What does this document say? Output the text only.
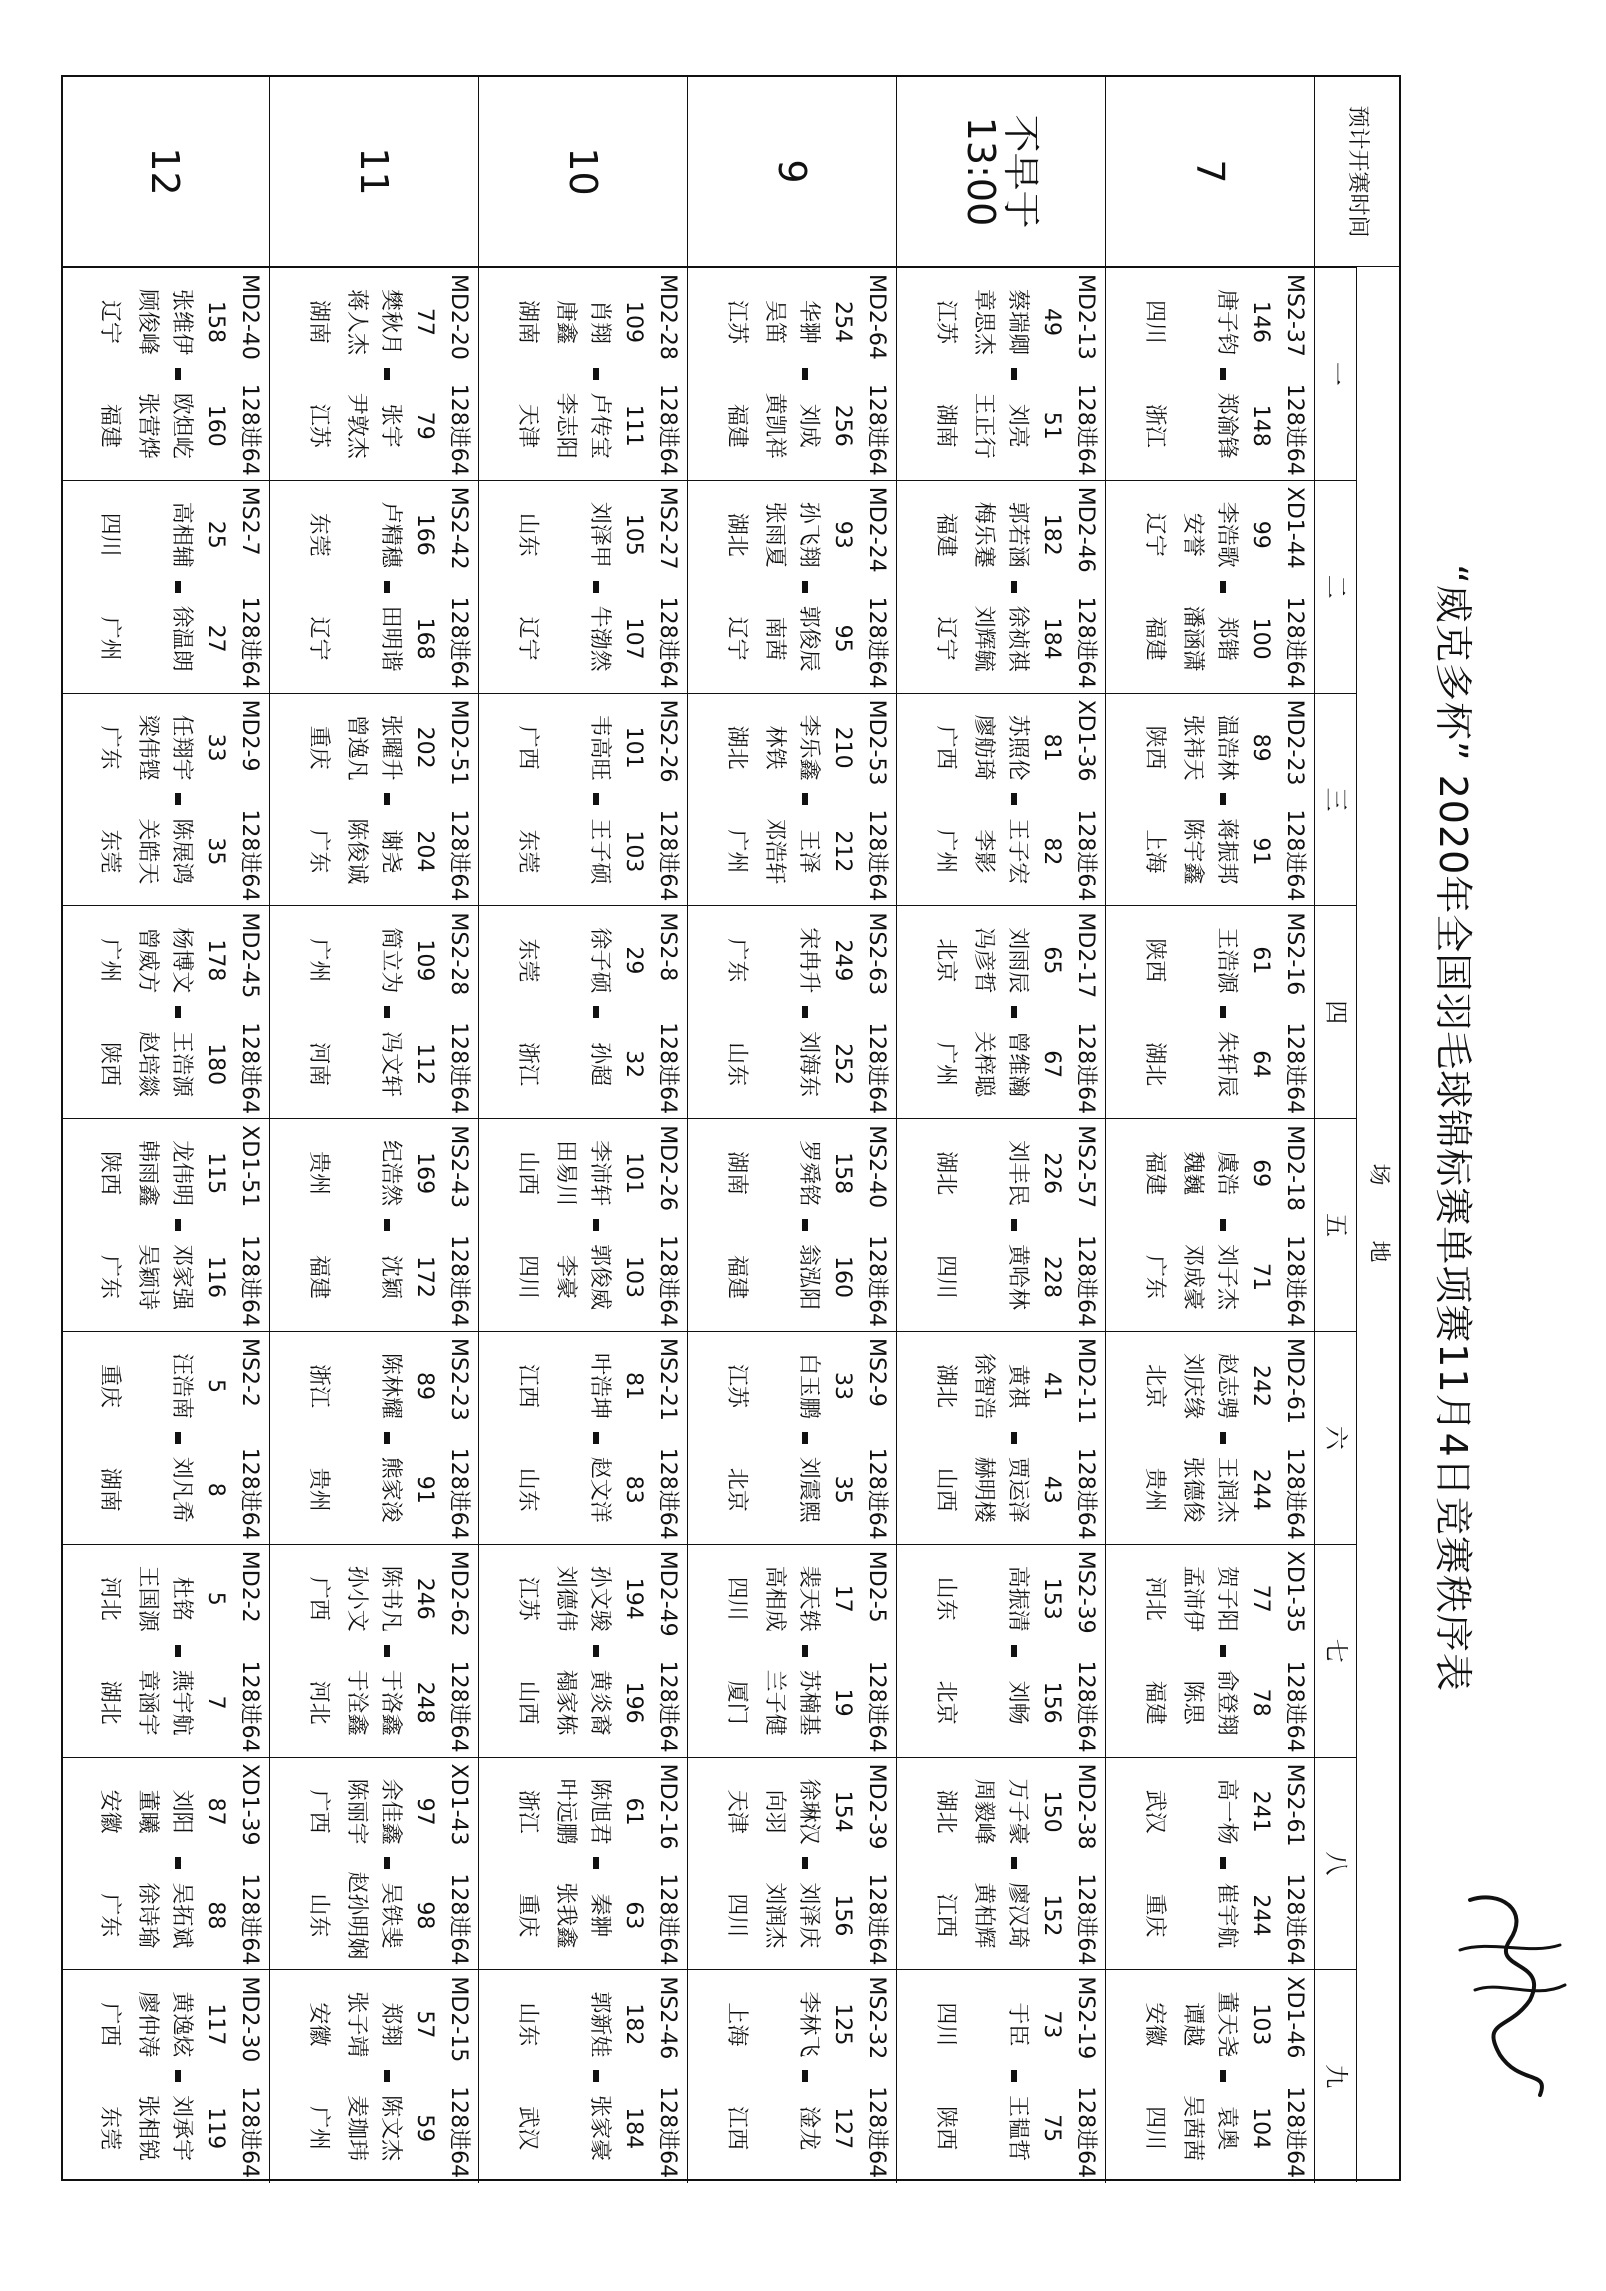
“威克多杯” 2020年全国羽毛球锦标赛单项赛11月4日竞赛秩序表
预计开赛时间
场 地
一
二
三
四
五
六
七
八
九
7
MS2-37
128进64
146
148
唐子钧
郑渝锋
四川
浙江
XD1-44
128进64
99
100
李浩歌
郑锴
安誉
潘涵潇
辽宁
福建
MD2-23
128进64
89
91
温浩林
蒋振邦
张祎天
陈宇鑫
陕西
上海
MS2-16
128进64
61
64
王浩源
朱轩辰
陕西
湖北
MD2-18
128进64
69
71
虞浩
刘子杰
魏巍
邓成豪
福建
广东
MD2-61
128进64
242
244
赵志骋
王润杰
刘庆缘
张德俊
北京
贵州
XD1-35
128进64
77
78
贺子阳
俞登翔
孟沛伊
陈思
河北
福建
MS2-61
128进64
241
244
高一杨
崔宇航
武汉
重庆
XD1-46
128进64
103
104
董天尧
袁奥
谭越
吴茜茜
安徽
四川
不早于 13:00
MD2-13
128进64
49
51
蔡瑞卿
刘亮
章思杰
王正行
江苏
湖南
MD2-46
128进64
182
184
郭若涵
徐祯祺
梅乐蹇
刘辉毓
福建
辽宁
XD1-36
128进64
81
82
苏照伦
王子宏
廖舫琦
李影
广西
广州
MD2-17
128进64
65
67
刘雨辰
曾维瀚
冯彦哲
关梓聪
北京
广州
MS2-57
128进64
226
228
刘丰民
黄哈林
湖北
四川
MD2-11
128进64
41
43
黄祺
贾运泽
徐智浩
赫明楼
湖北
山西
MS2-39
128进64
153
156
高振清
刘畅
山东
北京
MD2-38
128进64
150
152
万子豪
廖汉琦
周毅峰
黄柏辉
湖北
江西
MS2-19
128进64
73
75
于臣
王韫哲
四川
陕西
9
MD2-64
128进64
254
256
华翀
刘成
吴笛
黄凯祥
江苏
福建
MD2-24
128进64
93
95
孙飞翔
郭俊辰
张雨夏
南茜
湖北
辽宁
MD2-53
128进64
210
212
李乐鑫
王泽
林铁
邓浩轩
湖北
广州
MS2-63
128进64
249
252
宋冉升
刘海东
广东
山东
MS2-40
128进64
158
160
罗舜铭
翁泓阳
湖南
福建
MS2-9
128进64
33
35
白玉鹏
刘震熙
江苏
北京
MD2-5
128进64
17
19
裴天轶
苏楠基
高相成
兰子健
四川
厦门
MD2-39
128进64
154
156
徐琳汉
刘泽庆
向羽
刘润杰
天津
四川
MS2-32
128进64
125
127
李林飞
淦龙
上海
江西
10
MD2-28
128进64
109
111
肖翔
卢传宝
唐鑫
李志阳
湖南
天津
MS2-27
128进64
105
107
刘泽甲
牛渤然
山东
辽宁
MS2-26
128进64
101
103
韦高旺
王子硕
广西
东莞
MS2-8
128进64
29
32
徐子硕
孙超
东莞
浙江
MD2-26
128进64
101
103
李沛轩
郭俊威
田易川
李豪
山西
四川
MS2-21
128进64
81
83
叶浩坤
赵文洋
江西
山东
MD2-49
128进64
194
196
孙文骏
黄炎裔
刘德伟
褟家栋
江苏
山西
MD2-16
128进64
61
63
陈旭君
秦翀
叶远鹏
张我鑫
浙江
重庆
MS2-46
128进64
182
184
郭新娃
张家豪
山东
武汉
11
MD2-20
128进64
77
79
樊秋月
张宇
蒋人杰
尹敦杰
湖南
江苏
MS2-42
128进64
166
168
卢精穗
田明谐
东莞
辽宁
MD2-51
128进64
202
204
张曜升
谢尧
曾逸凡
陈俊诚
重庆
广东
MS2-28
128进64
109
112
简立为
冯文轩
广州
河南
MS2-43
128进64
169
172
纪浩然
沈颖
贵州
福建
MS2-23
128进64
89
91
陈林耀
熊家浚
浙江
贵州
MD2-62
128进64
246
248
陈书凡
于洛鑫
孙小文
于洤鑫
广西
河北
XD1-43
128进64
97
98
余佳鑫
吴铁斐
陈丽宇
赵孙明娴
广西
山东
MD2-15
128进64
57
59
郑翔
陈文杰
张子靖
麦珈玮
安徽
广州
12
MD2-40
128进64
158
160
张维伊
欧炟屹
顾俊峰
张营烨
辽宁
福建
MS2-7
128进64
25
27
高相辅
徐温朗
四川
广州
MD2-9
128进64
33
35
任翔宇
陈展鸿
梁伟铿
关皓天
广东
东莞
MD2-45
128进64
178
180
杨博文
王浩源
曾威方
赵培燚
广州
陕西
XD1-51
128进64
115
116
龙伟明
邓家强
韩雨鑫
吴颖诗
陕西
广东
MS2-2
128进64
5
8
汪浩南
刘凡希
重庆
湖南
MD2-2
128进64
5
7
杜铭
燕宇航
王国源
章涵宇
河北
湖北
XD1-39
128进64
87
88
刘阳
吴拓斌
董曦
徐诗瑜
安徽
广东
MD2-30
128进64
117
119
黄逸炫
刘承宇
廖仲涛
张相锐
广西
东莞
